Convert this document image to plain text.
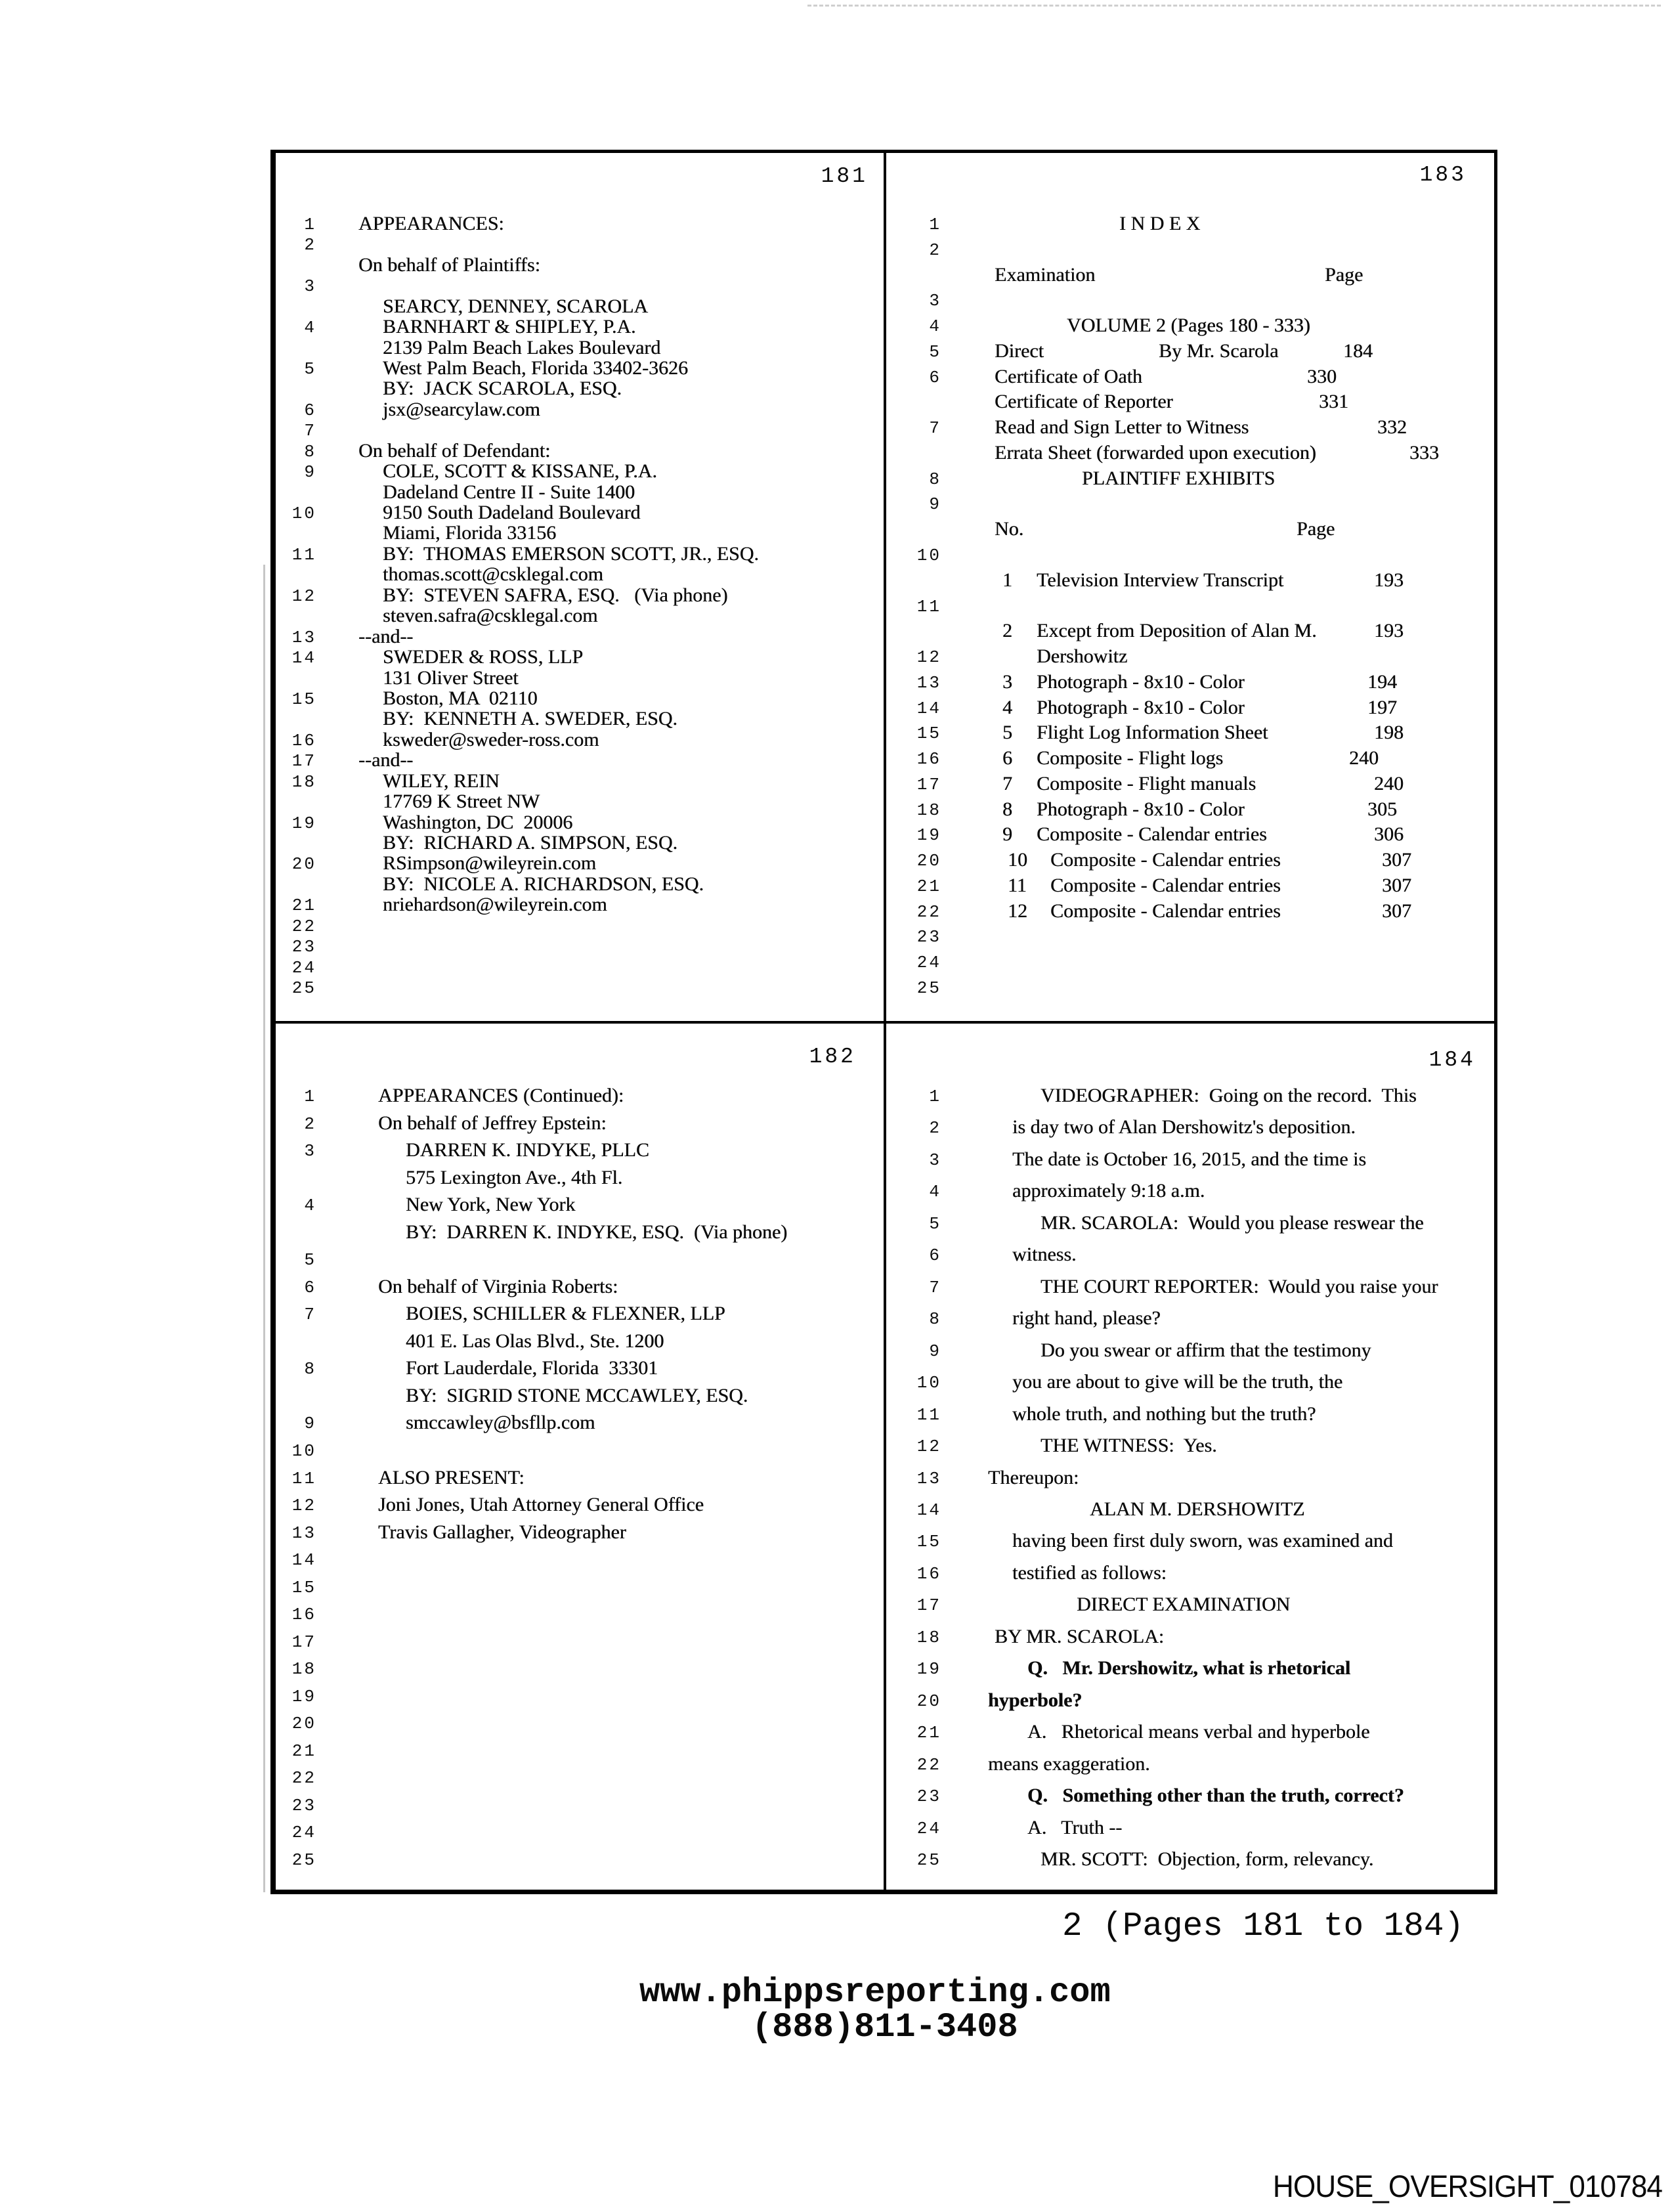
181
1
2
3
4
5
6
7
8
9
10
11
12
13
14
15
16
17
18
19
20
21
22
23
24
25
APPEARANCES:
On behalf of Plaintiffs:
SEARCY, DENNEY, SCAROLA
BARNHART & SHIPLEY, P.A.
2139 Palm Beach Lakes Boulevard
West Palm Beach, Florida 33402-3626
BY:  JACK SCAROLA, ESQ.
jsx@searcylaw.com
On behalf of Defendant:
COLE, SCOTT & KISSANE, P.A.
Dadeland Centre II - Suite 1400
9150 South Dadeland Boulevard
Miami, Florida 33156
BY:  THOMAS EMERSON SCOTT, JR., ESQ.
thomas.scott@csklegal.com
BY:  STEVEN SAFRA, ESQ.   (Via phone)
steven.safra@csklegal.com
--and--
SWEDER & ROSS, LLP
131 Oliver Street
Boston, MA  02110
BY:  KENNETH A. SWEDER, ESQ.
ksweder@sweder-ross.com
--and--
WILEY, REIN
17769 K Street NW
Washington, DC  20006
BY:  RICHARD A. SIMPSON, ESQ.
RSimpson@wileyrein.com
BY:  NICOLE A. RICHARDSON, ESQ.
nriehardson@wileyrein.com
183
1
2
3
4
5
6
7
8
9
10
11
12
13
14
15
16
17
18
19
20
21
22
23
24
25
I N D E X
Examination	Page
VOLUME 2 (Pages 180 - 333)
Direct	By Mr. Scarola	184
Certificate of Oath	330
Certificate of Reporter	331
Read and Sign Letter to Witness	332
Errata Sheet (forwarded upon execution)	333
PLAINTIFF EXHIBITS
No.	Page
1 Television Interview Transcript	193
2 Except from Deposition of Alan M.	193
Dershowitz
3 Photograph - 8x10 - Color	194
4 Photograph - 8x10 - Color	197
5 Flight Log Information Sheet	198
6 Composite - Flight logs	240
7 Composite - Flight manuals	240
8 Photograph - 8x10 - Color	305
9 Composite - Calendar entries	306
10 Composite - Calendar entries	307
11 Composite - Calendar entries	307
12 Composite - Calendar entries	307
182
1
2
3
4
5
6
7
8
9
10
11
12
13
14
15
16
17
18
19
20
21
22
23
24
25
APPEARANCES (Continued):
On behalf of Jeffrey Epstein:
DARREN K. INDYKE, PLLC
575 Lexington Ave., 4th Fl.
New York, New York
BY:  DARREN K. INDYKE, ESQ.  (Via phone)
On behalf of Virginia Roberts:
BOIES, SCHILLER & FLEXNER, LLP
401 E. Las Olas Blvd., Ste. 1200
Fort Lauderdale, Florida  33301
BY:  SIGRID STONE MCCAWLEY, ESQ.
smccawley@bsfllp.com
ALSO PRESENT:
Joni Jones, Utah Attorney General Office
Travis Gallagher, Videographer
184
1
2
3
4
5
6
7
8
9
10
11
12
13
14
15
16
17
18
19
20
21
22
23
24
25
VIDEOGRAPHER:  Going on the record.  This
is day two of Alan Dershowitz's deposition.
The date is October 16, 2015, and the time is
approximately 9:18 a.m.
MR. SCAROLA:  Would you please reswear the
witness.
THE COURT REPORTER:  Would you raise your
right hand, please?
Do you swear or affirm that the testimony
you are about to give will be the truth, the
whole truth, and nothing but the truth?
THE WITNESS:  Yes.
Thereupon:
ALAN M. DERSHOWITZ
having been first duly sworn, was examined and
testified as follows:
DIRECT EXAMINATION
BY MR. SCAROLA:
Q.   Mr. Dershowitz, what is rhetorical
hyperbole?
A.   Rhetorical means verbal and hyperbole
means exaggeration.
Q.   Something other than the truth, correct?
A.   Truth --
MR. SCOTT:  Objection, form, relevancy.
2 (Pages 181 to 184)
www.phippsreporting.com
(888)811-3408
HOUSE_OVERSIGHT_010784
